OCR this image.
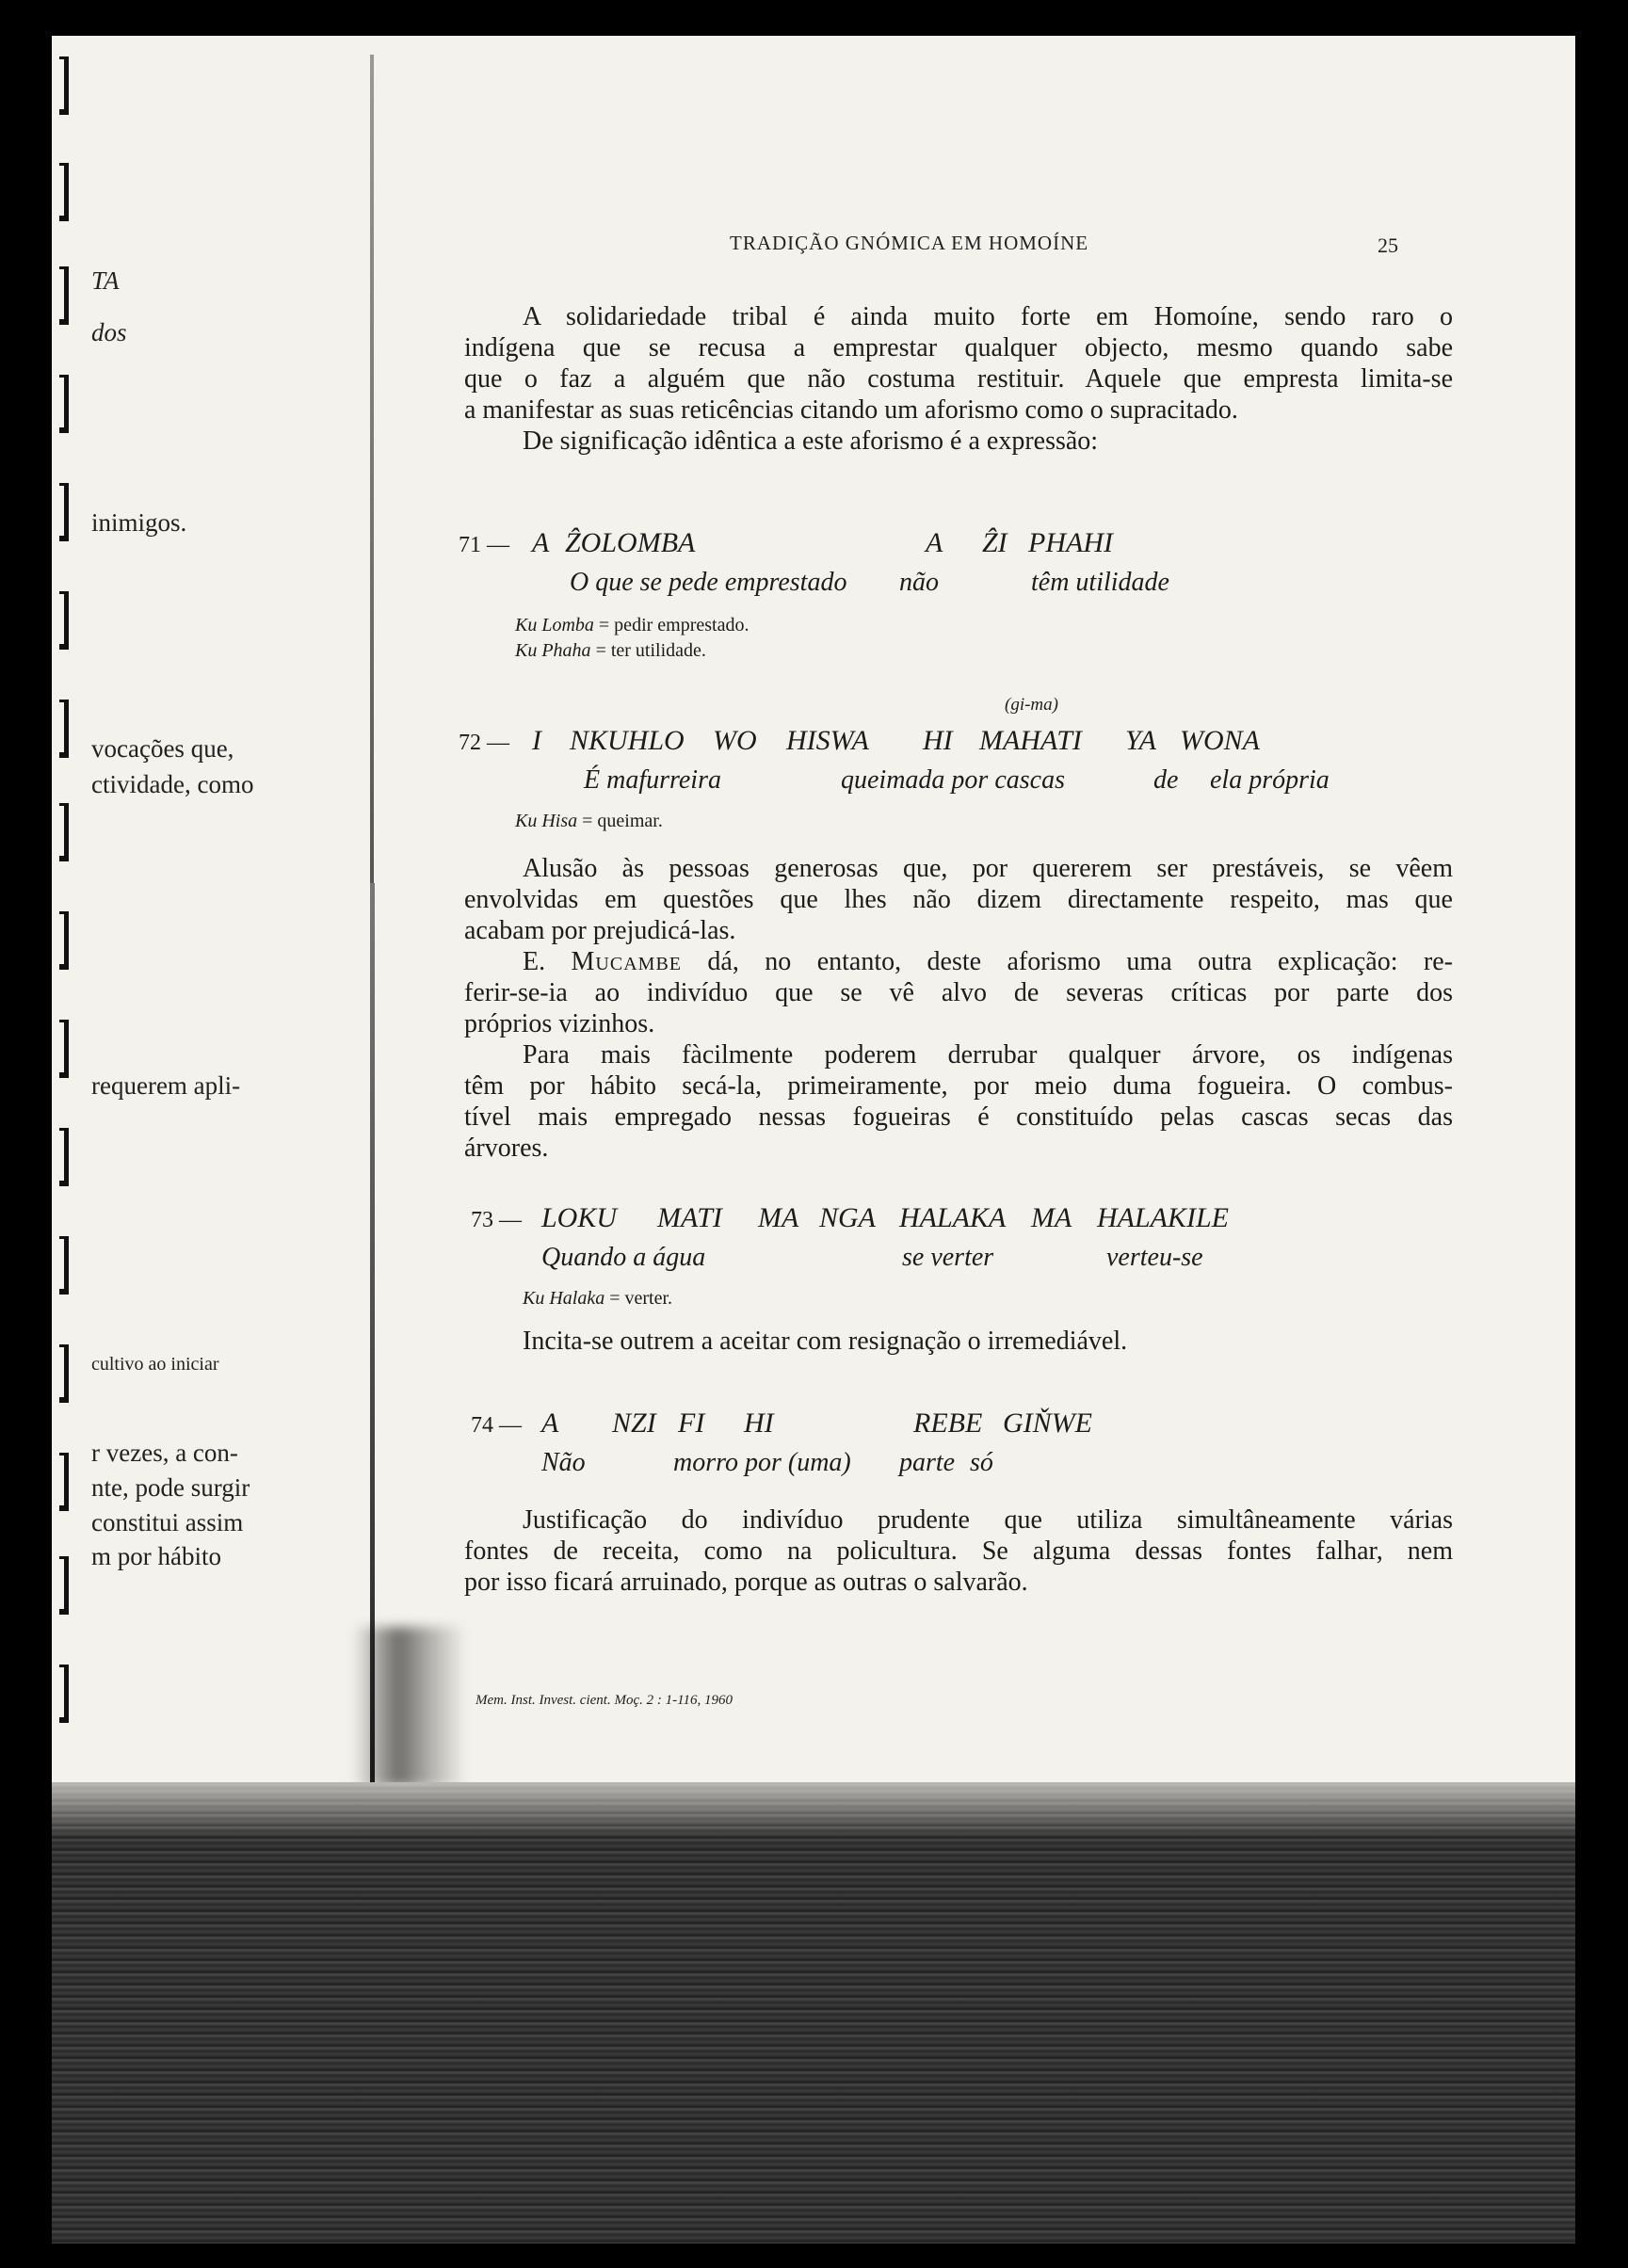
TA
dos
inimigos.
vocações que,
ctividade, como
requerem apli-
cultivo ao iniciar
r vezes, a con-
nte, pode surgir
constitui assim
m por hábito
TRADIÇÃO GNÓMICA EM HOMOÍNE	25
A solidariedade tribal é ainda muito forte em Homoíne, sendo raro o
indígena que se recusa a emprestar qualquer objecto, mesmo quando sabe
que o faz a alguém que não costuma restituir. Aquele que empresta limita-se
a manifestar as suas reticências citando um aforismo como o supracitado.
De significação idêntica a este aforismo é a expressão:
71 — A ẐOLOMBA	A ẐI PHAHI
O que se pede emprestado não	têm utilidade
Ku Lomba = pedir emprestado.
Ku Phaha = ter utilidade.
(gi-ma)
72 — I NKUHLO WO HISWA HI MAHATI YA WONA
É mafurreira	queimada por cascas	de ela própria
Ku Hisa = queimar.
Alusão às pessoas generosas que, por quererem ser prestáveis, se vêem
envolvidas em questões que lhes não dizem directamente respeito, mas que
acabam por prejudicá-las.
E. Mucambe dá, no entanto, deste aforismo uma outra explicação: re-
ferir-se-ia ao indivíduo que se vê alvo de severas críticas por parte dos
próprios vizinhos.
Para mais fàcilmente poderem derrubar qualquer árvore, os indígenas
têm por hábito secá-la, primeiramente, por meio duma fogueira. O combus-
tível mais empregado nessas fogueiras é constituído pelas cascas secas das
árvores.
73 — LOKU MATI MA NGA HALAKA MA HALAKILE
Quando a água	se verter	verteu-se
Ku Halaka = verter.
Incita-se outrem a aceitar com resignação o irremediável.
74 — A NZI FI HI	REBE GIŇWE
Não	morro por (uma) parte só
Justificação do indivíduo prudente que utiliza simultâneamente várias
fontes de receita, como na policultura. Se alguma dessas fontes falhar, nem
por isso ficará arruinado, porque as outras o salvarão.
Mem. Inst. Invest. cient. Moç. 2 : 1-116, 1960
